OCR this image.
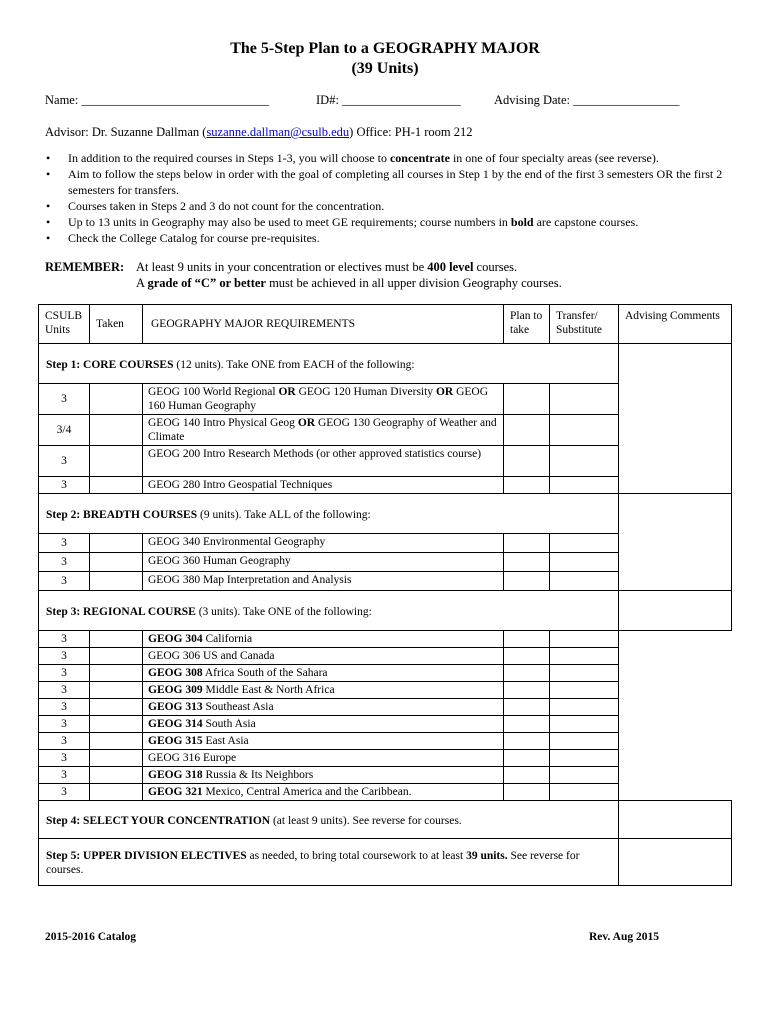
The 5-Step Plan to a GEOGRAPHY MAJOR
(39 Units)
Name: ______________________________	ID#: ___________________	Advising Date: _________________
Advisor: Dr. Suzanne Dallman (suzanne.dallman@csulb.edu) Office: PH-1 room 212
• In addition to the required courses in Steps 1-3, you will choose to concentrate in one of four specialty areas (see reverse).
• Aim to follow the steps below in order with the goal of completing all courses in Step 1 by the end of the first 3 semesters OR the first 2 semesters for transfers.
• Courses taken in Steps 2 and 3 do not count for the concentration.
• Up to 13 units in Geography may also be used to meet GE requirements; course numbers in bold are capstone courses.
• Check the College Catalog for course pre-requisites.
REMEMBER: At least 9 units in your concentration or electives must be 400 level courses.
A grade of “C” or better must be achieved in all upper division Geography courses.
CSULB Units	Taken	GEOGRAPHY MAJOR REQUIREMENTS	Plan to take	Transfer/ Substitute	Advising Comments
Step 1: CORE COURSES (12 units). Take ONE from EACH of the following:					
3		GEOG 100 World Regional OR GEOG 120 Human Diversity OR GEOG 160 Human Geography			
3/4		GEOG 140 Intro Physical Geog OR GEOG 130 Geography of Weather and Climate			
3		GEOG 200 Intro Research Methods (or other approved statistics course)			
3		GEOG 280 Intro Geospatial Techniques			
Step 2: BREADTH COURSES (9 units). Take ALL of the following:					
3		GEOG 340 Environmental Geography			
3		GEOG 360 Human Geography			
3		GEOG 380 Map Interpretation and Analysis			
Step 3: REGIONAL COURSE (3 units). Take ONE of the following:					
3		GEOG 304 California			
3		GEOG 306 US and Canada			
3		GEOG 308 Africa South of the Sahara			
3		GEOG 309 Middle East & North Africa			
3		GEOG 313 Southeast Asia			
3		GEOG 314 South Asia			
3		GEOG 315 East Asia			
3		GEOG 316 Europe			
3		GEOG 318 Russia & Its Neighbors			
3		GEOG 321 Mexico, Central America and the Caribbean.			
Step 4: SELECT YOUR CONCENTRATION (at least 9 units). See reverse for courses.					
Step 5: UPPER DIVISION ELECTIVES as needed, to bring total coursework to at least 39 units. See reverse for courses.					
2015-2016 Catalog	Rev. Aug 2015
